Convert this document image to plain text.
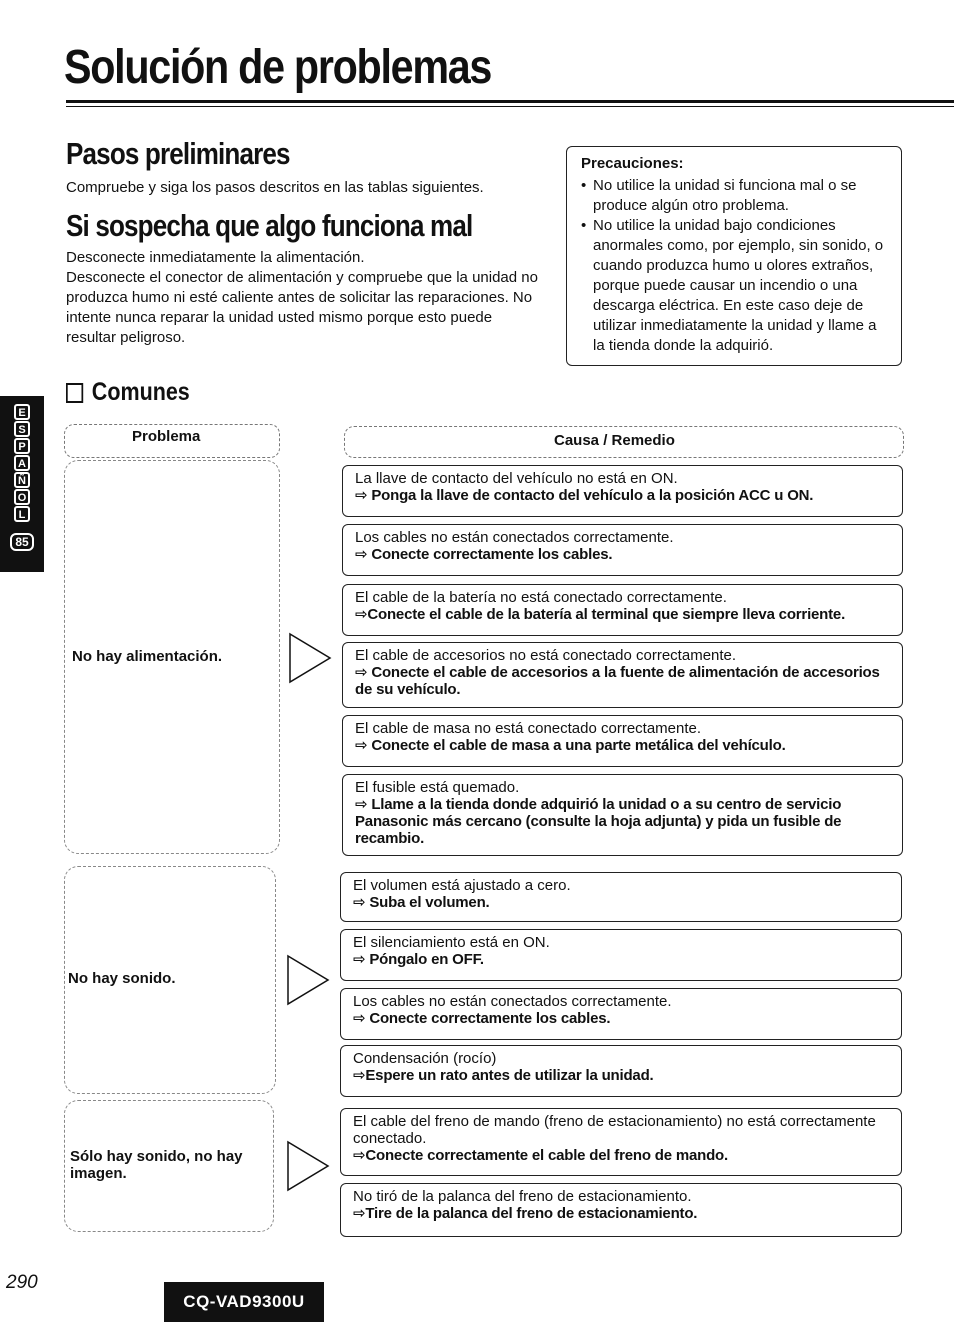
Solución de problemas
Pasos preliminares

Compruebe y siga los pasos descritos en las tablas siguientes.

Si sospecha que algo funciona mal

Desconecte inmediatamente la alimentación.

Desconecte el conector de alimentación y compruebe que la unidad no produzca humo ni esté caliente antes de solicitar las reparaciones. No intente nunca reparar la unidad usted mismo porque esto puede resultar peligroso.

Precauciones:
• No utilice la unidad si funciona mal o se produce algún otro problema.
• No utilice la unidad bajo condiciones anormales como, por ejemplo, sin sonido, o cuando produzca humo u olores extraños, porque puede causar un incendio o una descarga eléctrica. En este caso deje de utilizar inmediatamente la unidad y llame a la tienda donde la adquirió.
E
S
P
A
Ñ
O
L
85
Comunes
Problema	Causa / Remedio
No hay alimentación.
La llave de contacto del vehículo no está en ON.
⇨ Ponga la llave de contacto del vehículo a la posición ACC u ON.
Los cables no están conectados correctamente.
⇨ Conecte correctamente los cables.
El cable de la batería no está conectado correctamente.
⇨Conecte el cable de la batería al terminal que siempre lleva corriente.
El cable de accesorios no está conectado correctamente.
⇨ Conecte el cable de accesorios a la fuente de alimentación de accesorios de su vehículo.
El cable de masa no está conectado correctamente.
⇨ Conecte el cable de masa a una parte metálica del vehículo.
El fusible está quemado.
⇨ Llame a la tienda donde adquirió la unidad o a su centro de servicio Panasonic más cercano (consulte la hoja adjunta) y pida un fusible de recambio.
No hay sonido.
El volumen está ajustado a cero.
⇨ Suba el volumen.
El silenciamiento está en ON.
⇨ Póngalo en OFF.
Los cables no están conectados correctamente.
⇨ Conecte correctamente los cables.
Condensación (rocío)
⇨Espere un rato antes de utilizar la unidad.
Sólo hay sonido, no hay imagen.
El cable del freno de mando (freno de estacionamiento) no está correctamente conectado.
⇨Conecte correctamente el cable del freno de mando.
No tiró de la palanca del freno de estacionamiento.
⇨Tire de la palanca del freno de estacionamiento.
290
CQ-VAD9300U
